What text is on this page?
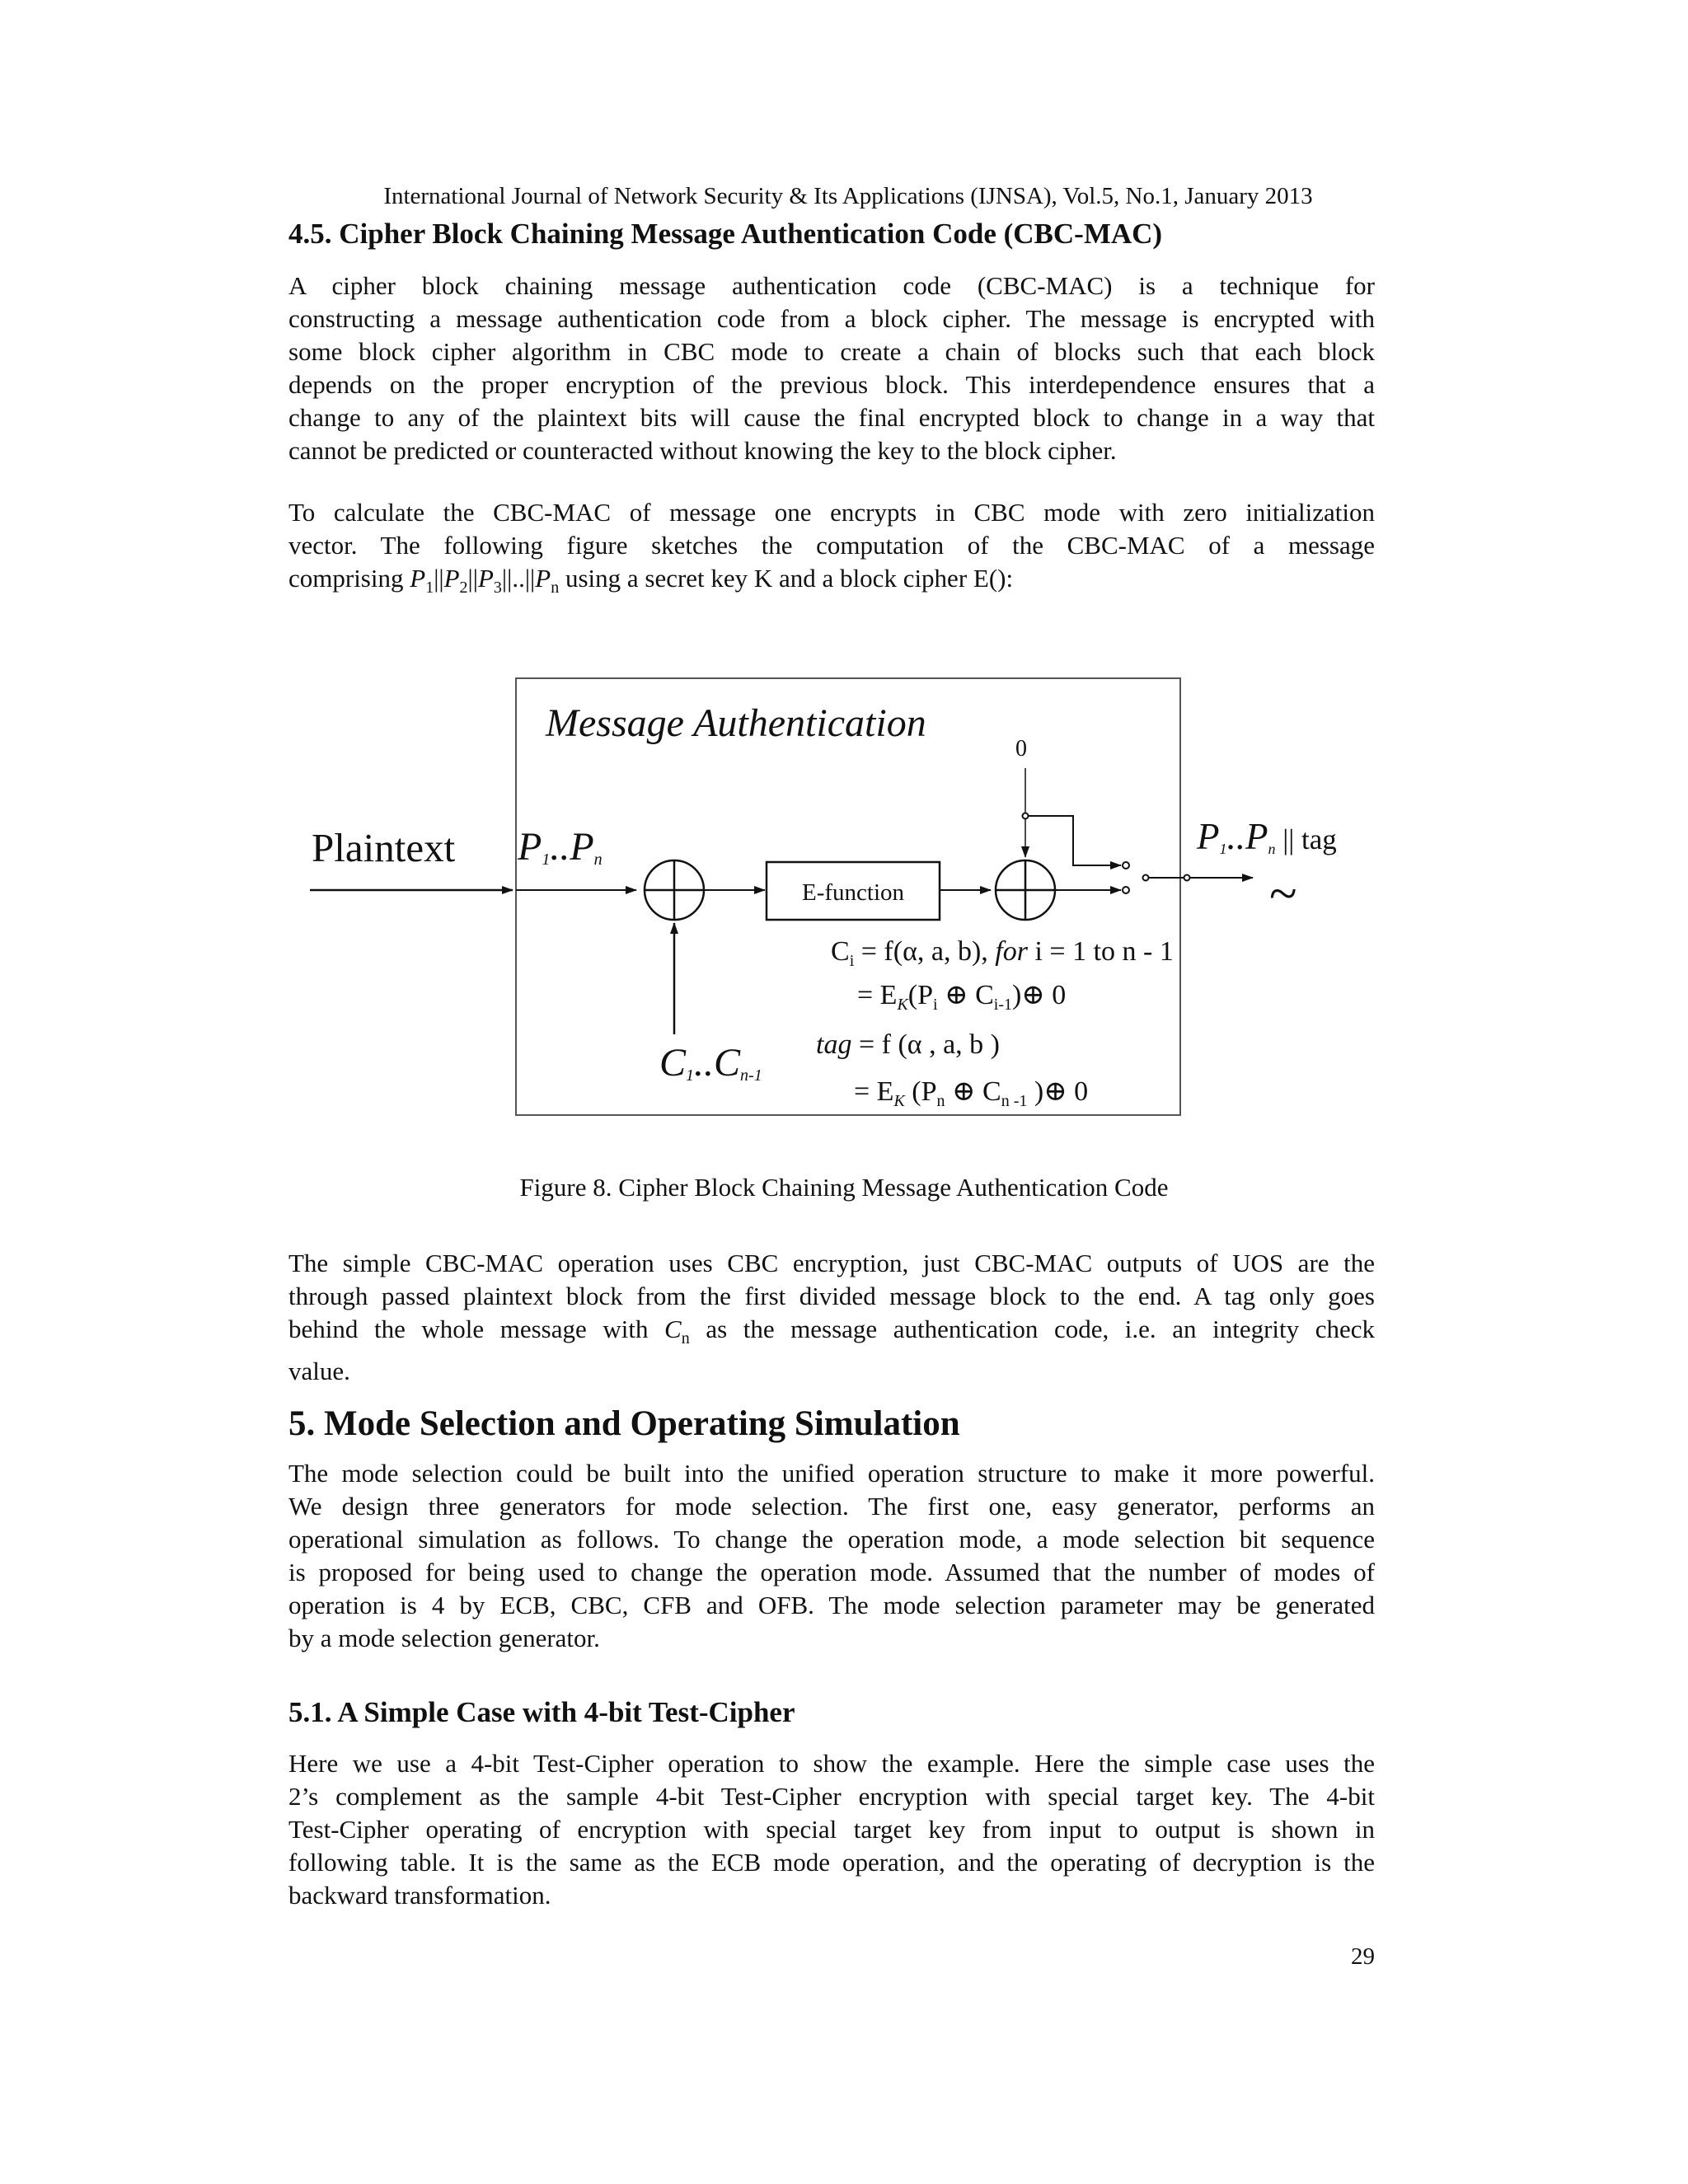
International Journal of Network Security & Its Applications (IJNSA), Vol.5, No.1, January 2013
4.5. Cipher Block Chaining Message Authentication Code (CBC-MAC)
A cipher block chaining message authentication code (CBC-MAC) is a technique for
constructing a message authentication code from a block cipher. The message is encrypted with
some block cipher algorithm in CBC mode to create a chain of blocks such that each block
depends on the proper encryption of the previous block. This interdependence ensures that a
change to any of the plaintext bits will cause the final encrypted block to change in a way that
cannot be predicted or counteracted without knowing the key to the block cipher.
To calculate the CBC-MAC of message one encrypts in CBC mode with zero initialization
vector. The following figure sketches the computation of the CBC-MAC of a message
comprising $P_1||P_2||P_3||..||P_n$ using a secret key K and a block cipher E():
Message Authentication
0
Plaintext P1..Pn
E-function
P1..Pn || tag
~
C1..Cn-1
$C_i = f(\alpha$, a, b), for i = 1 to n - 1
= $E_K(P_i$ ⊕ $C_{i-1})\oplus$ 0
tag = f (α , a, b )
= $E_K$ ($P_n$ ⊕ $C_{n -1}$ )⊕ 0
Figure 8. Cipher Block Chaining Message Authentication Code
The simple CBC-MAC operation uses CBC encryption, just CBC-MAC outputs of UOS are the
through passed plaintext block from the first divided message block to the end. A tag only goes
behind the whole message with $C_n$ as the message authentication code, i.e. an integrity check
value.
5. Mode Selection and Operating Simulation
The mode selection could be built into the unified operation structure to make it more powerful.
We design three generators for mode selection. The first one, easy generator, performs an
operational simulation as follows. To change the operation mode, a mode selection bit sequence
is proposed for being used to change the operation mode. Assumed that the number of modes of
operation is 4 by ECB, CBC, CFB and OFB. The mode selection parameter may be generated
by a mode selection generator.
5.1. A Simple Case with 4-bit Test-Cipher
Here we use a 4-bit Test-Cipher operation to show the example. Here the simple case uses the
2’s complement as the sample 4-bit Test-Cipher encryption with special target key. The 4-bit
Test-Cipher operating of encryption with special target key from input to output is shown in
following table. It is the same as the ECB mode operation, and the operating of decryption is the
backward transformation.
29
